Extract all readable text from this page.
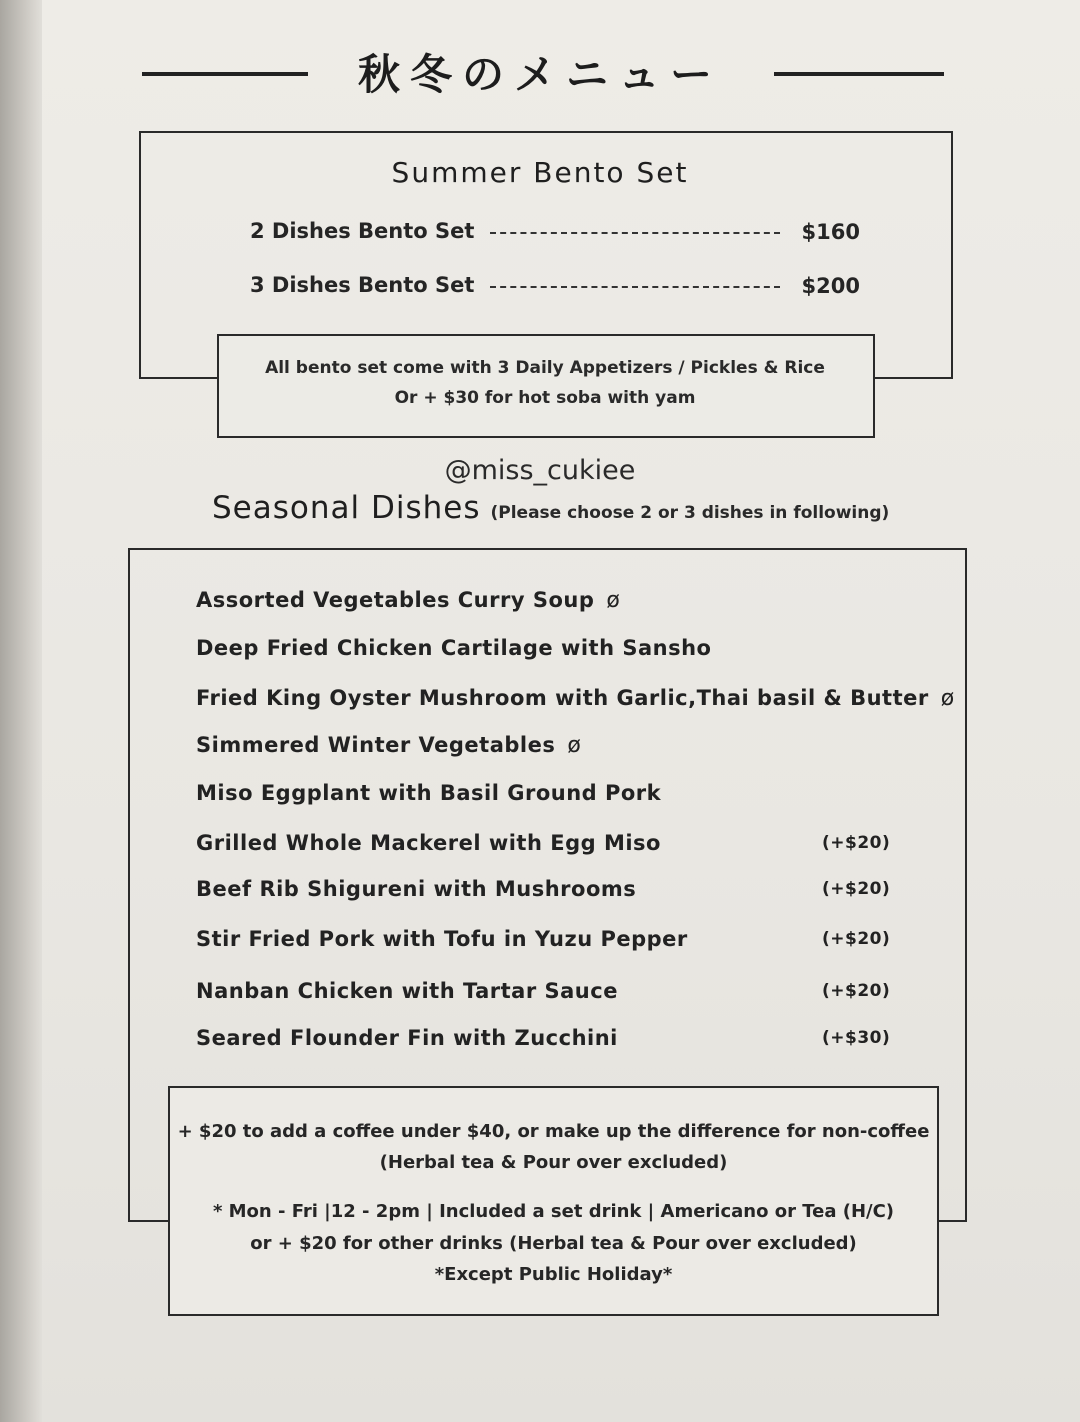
秋冬のメニュー
Summer Bento Set
2 Dishes Bento Set	$160
3 Dishes Bento Set	$200
All bento set come with 3 Daily Appetizers / Pickles & Rice
Or + $30 for hot soba with yam
@miss_cukiee
Seasonal Dishes (Please choose 2 or 3 dishes in following)
Assorted Vegetables Curry Soup ø
Deep Fried Chicken Cartilage with Sansho
Fried King Oyster Mushroom with Garlic,Thai basil & Butter ø
Simmered Winter Vegetables ø
Miso Eggplant with Basil Ground Pork
Grilled Whole Mackerel with Egg Miso	(+$20)
Beef Rib Shigureni with Mushrooms	(+$20)
Stir Fried Pork with Tofu in Yuzu Pepper	(+$20)
Nanban Chicken with Tartar Sauce	(+$20)
Seared Flounder Fin with Zucchini	(+$30)
+ $20 to add a coffee under $40, or make up the difference for non-coffee
(Herbal tea & Pour over excluded)
* Mon - Fri |12 - 2pm | Included a set drink | Americano or Tea (H/C)
or + $20 for other drinks (Herbal tea & Pour over excluded)
*Except Public Holiday*
